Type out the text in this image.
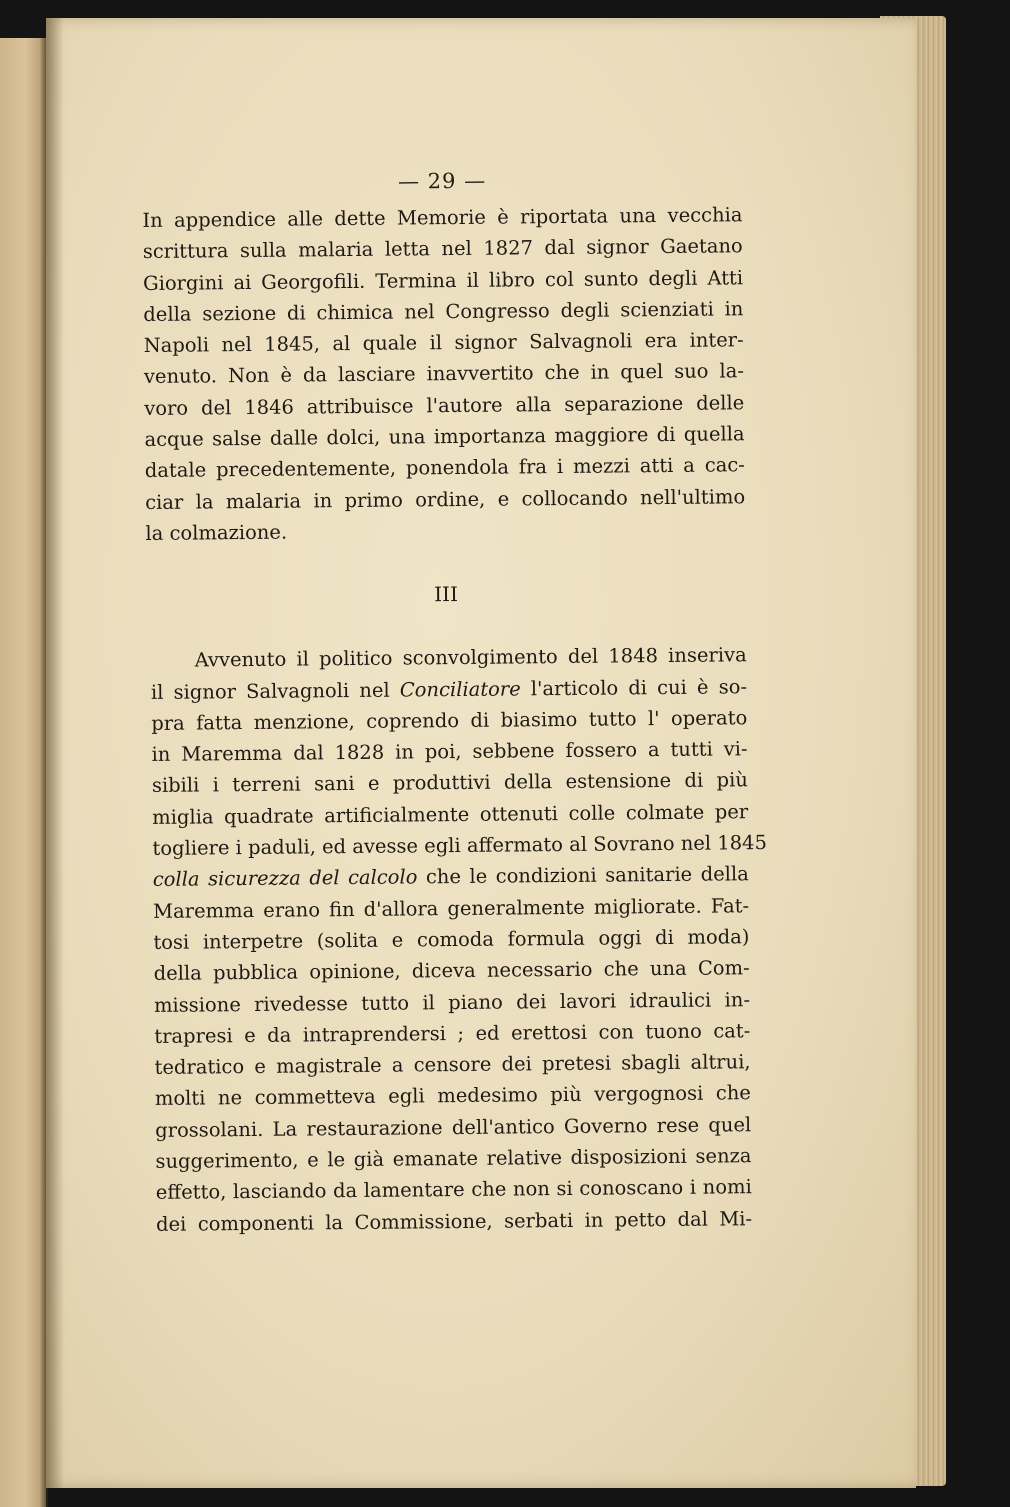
— 29 —
In appendice alle dette Memorie è riportata una vecchia
scrittura sulla malaria letta nel 1827 dal signor Gaetano
Giorgini ai Georgofili. Termina il libro col sunto degli Atti
della sezione di chimica nel Congresso degli scienziati in
Napoli nel 1845, al quale il signor Salvagnoli era inter-
venuto. Non è da lasciare inavvertito che in quel suo la-
voro del 1846 attribuisce l'autore alla separazione delle
acque salse dalle dolci, una importanza maggiore di quella
datale precedentemente, ponendola fra i mezzi atti a cac-
ciar la malaria in primo ordine, e collocando nell'ultimo
la colmazione.
III
Avvenuto il politico sconvolgimento del 1848 inseriva
il signor Salvagnoli nel Conciliatore l'articolo di cui è so-
pra fatta menzione, coprendo di biasimo tutto l' operato
in Maremma dal 1828 in poi, sebbene fossero a tutti vi-
sibili i terreni sani e produttivi della estensione di più
miglia quadrate artificialmente ottenuti colle colmate per
togliere i paduli, ed avesse egli affermato al Sovrano nel 1845
colla sicurezza del calcolo che le condizioni sanitarie della
Maremma erano fin d'allora generalmente migliorate. Fat-
tosi interpetre (solita e comoda formula oggi di moda)
della pubblica opinione, diceva necessario che una Com-
missione rivedesse tutto il piano dei lavori idraulici in-
trapresi e da intraprendersi ; ed erettosi con tuono cat-
tedratico e magistrale a censore dei pretesi sbagli altrui,
molti ne commetteva egli medesimo più vergognosi che
grossolani. La restaurazione dell'antico Governo rese quel
suggerimento, e le già emanate relative disposizioni senza
effetto, lasciando da lamentare che non si conoscano i nomi
dei componenti la Commissione, serbati in petto dal Mi-
